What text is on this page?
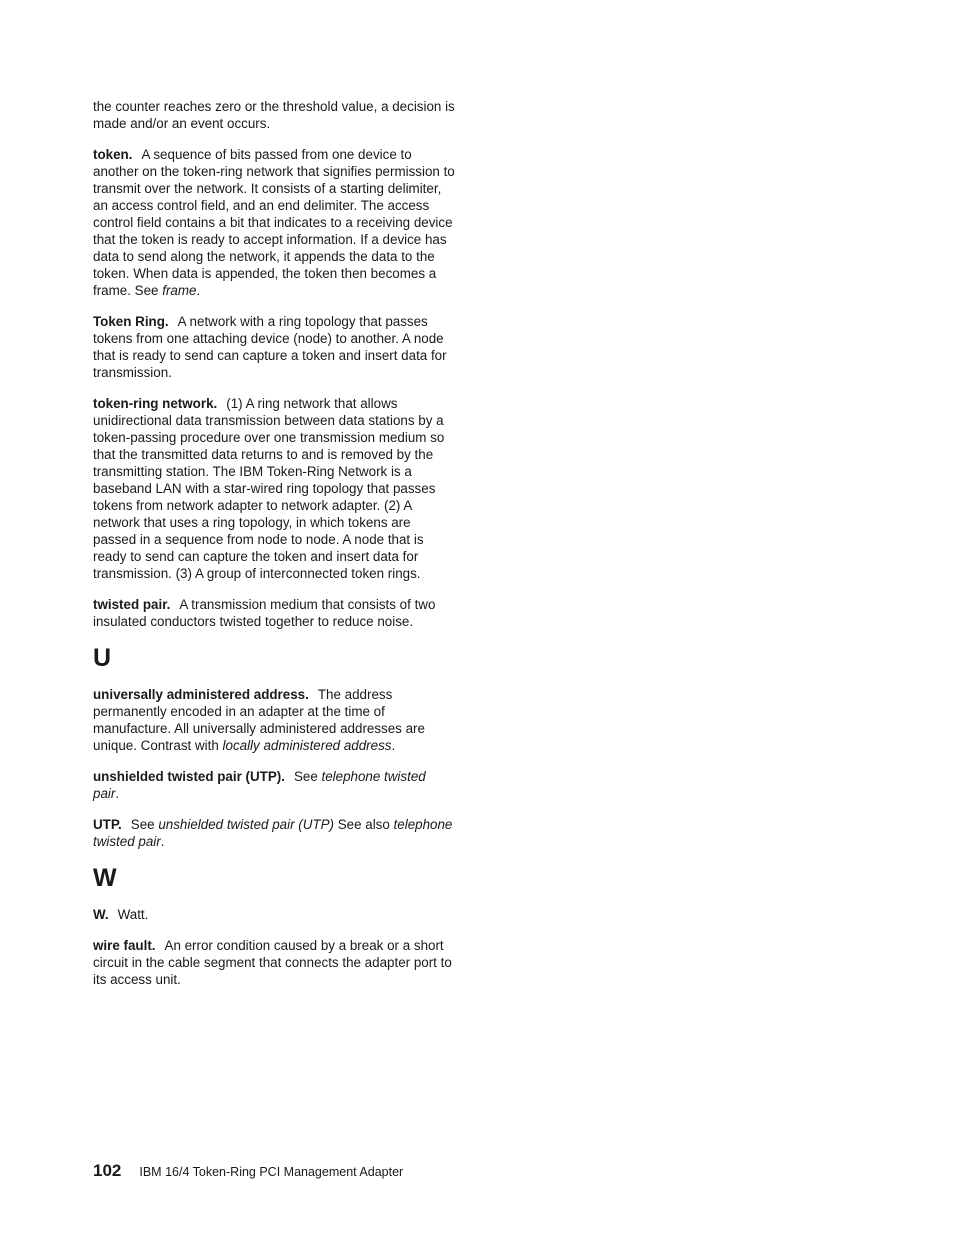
the counter reaches zero or the threshold value, a decision is made and/or an event occurs.

token. A sequence of bits passed from one device to another on the token-ring network that signifies permission to transmit over the network. It consists of a starting delimiter, an access control field, and an end delimiter. The access control field contains a bit that indicates to a receiving device that the token is ready to accept information. If a device has data to send along the network, it appends the data to the token. When data is appended, the token then becomes a frame. See frame.

Token Ring. A network with a ring topology that passes tokens from one attaching device (node) to another. A node that is ready to send can capture a token and insert data for transmission.

token-ring network. (1) A ring network that allows unidirectional data transmission between data stations by a token-passing procedure over one transmission medium so that the transmitted data returns to and is removed by the transmitting station. The IBM Token-Ring Network is a baseband LAN with a star-wired ring topology that passes tokens from network adapter to network adapter. (2) A network that uses a ring topology, in which tokens are passed in a sequence from node to node. A node that is ready to send can capture the token and insert data for transmission. (3) A group of interconnected token rings.

twisted pair. A transmission medium that consists of two insulated conductors twisted together to reduce noise.

U

universally administered address. The address permanently encoded in an adapter at the time of manufacture. All universally administered addresses are unique. Contrast with locally administered address.

unshielded twisted pair (UTP). See telephone twisted pair.

UTP. See unshielded twisted pair (UTP) See also telephone twisted pair.

W

W. Watt.

wire fault. An error condition caused by a break or a short circuit in the cable segment that connects the adapter port to its access unit.

102 IBM 16/4 Token-Ring PCI Management Adapter
